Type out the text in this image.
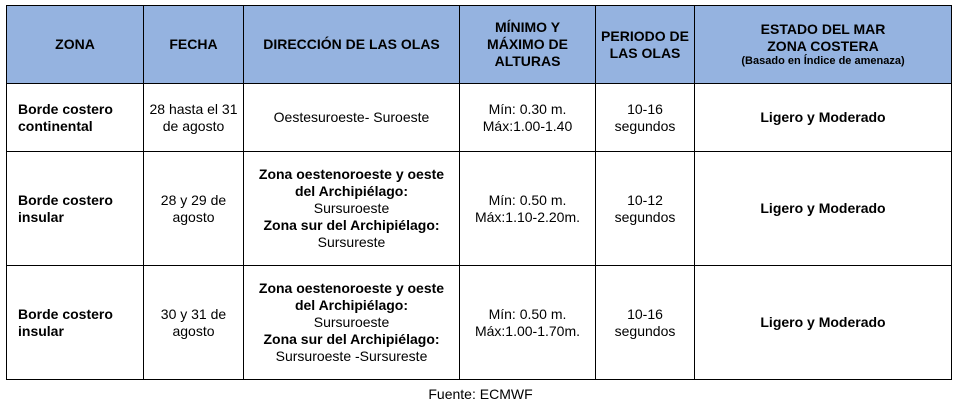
ZONA	FECHA	DIRECCIÓN DE LAS OLAS	MÍNIMO Y
MÁXIMO DE
ALTURAS	PERIODO DE
LAS OLAS	ESTADO DEL MAR
ZONA COSTERA
(Basado en Índice de amenaza)

Borde costero continental	28 hasta el 31 de agosto	Oestesuroeste- Suroeste	Mín: 0.30 m.
Máx:1.00-1.40	10-16
segundos	Ligero y Moderado
Borde costero insular	28 y 29 de agosto	Zona oestenoroeste y oeste
del Archipiélago:
Sursuroeste
Zona sur del Archipiélago:
Sursureste	Mín: 0.50 m.
Máx:1.10-2.20m.	10-12
segundos	Ligero y Moderado
Borde costero insular	30 y 31 de agosto	Zona oestenoroeste y oeste
del Archipiélago:
Sursuroeste
Zona sur del Archipiélago:
Sursuroeste -Sursureste	Mín: 0.50 m.
Máx:1.00-1.70m.	10-16
segundos	Ligero y Moderado
Fuente: ECMWF
